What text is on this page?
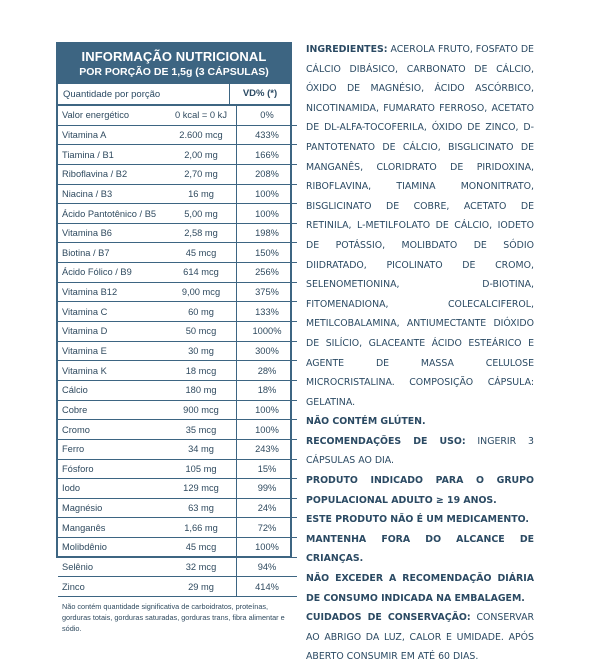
INFORMAÇÃO NUTRICIONAL
POR PORÇÃO DE 1,5g (3 CÁPSULAS)
Quantidade por porção	VD% (*)
Valor energético	0 kcal = 0 kJ	0%
Vitamina A	2.600 mcg	433%
Tiamina / B1	2,00 mg	166%
Riboflavina / B2	2,70 mg	208%
Niacina / B3	16 mg	100%
Ácido Pantotênico / B5	5,00 mg	100%
Vitamina B6	2,58 mg	198%
Biotina / B7	45 mcg	150%
Ácido Fólico / B9	614 mcg	256%
Vitamina B12	9,00 mcg	375%
Vitamina C	60 mg	133%
Vitamina D	50 mcg	1000%
Vitamina E	30 mg	300%
Vitamina K	18 mcg	28%
Cálcio	180 mg	18%
Cobre	900 mcg	100%
Cromo	35 mcg	100%
Ferro	34 mg	243%
Fósforo	105 mg	15%
Iodo	129 mcg	99%
Magnésio	63 mg	24%
Manganês	1,66 mg	72%
Molibdênio	45 mcg	100%
Selênio	32 mcg	94%
Zinco	29 mg	414%
Não contém quantidade significativa de carboidratos, proteínas, gorduras totais, gorduras saturadas, gorduras trans, fibra alimentar e sódio.

INGREDIENTES: ACEROLA FRUTO, FOSFATO DE CÁLCIO DIBÁSICO, CARBONATO DE CÁLCIO, ÓXIDO DE MAGNÉSIO, ÁCIDO ASCÓRBICO, NICOTINAMIDA, FUMARATO FERROSO, ACETATO DE DL-ALFA-TOCOFERILA, ÓXIDO DE ZINCO, D-PANTOTENATO DE CÁLCIO, BISGLICINATO DE MANGANÊS, CLORIDRATO DE PIRIDOXINA, RIBOFLAVINA, TIAMINA MONONITRATO, BISGLICINATO DE COBRE, ACETATO DE RETINILA, L-METILFOLATO DE CÁLCIO, IODETO DE POTÁSSIO, MOLIBDATO DE SÓDIO DIIDRATADO, PICOLINATO DE CROMO, SELENOMETIONINA, D-BIOTINA, FITOMENADIONA, COLECALCIFEROL, METILCOBALAMINA, ANTIUMECTANTE DIÓXIDO DE SILÍCIO, GLACEANTE ÁCIDO ESTEÁRICO E AGENTE DE MASSA CELULOSE MICROCRISTALINA. COMPOSIÇÃO CÁPSULA: GELATINA.

NÃO CONTÉM GLÚTEN.

RECOMENDAÇÕES DE USO: INGERIR 3 CÁPSULAS AO DIA.

PRODUTO INDICADO PARA O GRUPO POPULACIONAL ADULTO ≥ 19 ANOS.

ESTE PRODUTO NÃO É UM MEDICAMENTO.

MANTENHA FORA DO ALCANCE DE CRIANÇAS.

NÃO EXCEDER A RECOMENDAÇÃO DIÁRIA DE CONSUMO INDICADA NA EMBALAGEM.

CUIDADOS DE CONSERVAÇÃO: CONSERVAR AO ABRIGO DA LUZ, CALOR E UMIDADE. APÓS ABERTO CONSUMIR EM ATÉ 60 DIAS.
